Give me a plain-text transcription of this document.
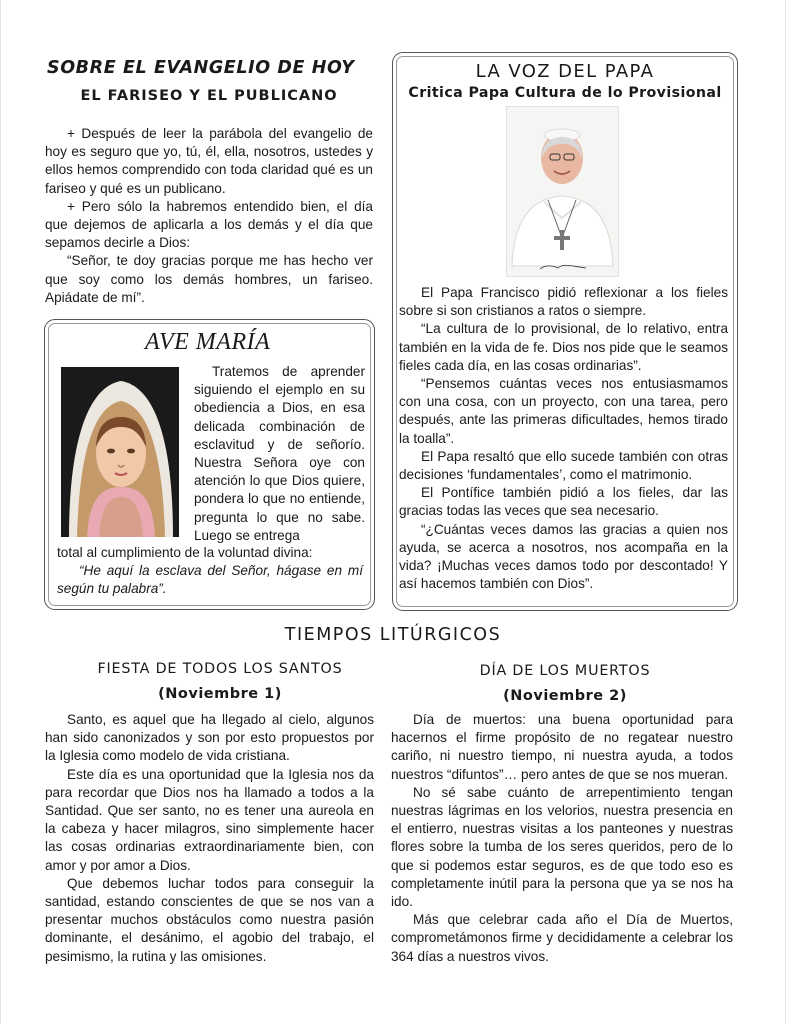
SOBRE EL EVANGELIO DE HOY
EL FARISEO Y EL PUBLICANO

+ Después de leer la parábola del evangelio de hoy es seguro que yo, tú, él, ella, nosotros, ustedes y ellos hemos comprendido con toda claridad qué es un fariseo y qué es un publicano.

+ Pero sólo la habremos entendido bien, el día que dejemos de aplicarla a los demás y el día que sepamos decirle a Dios:

“Señor, te doy gracias porque me has hecho ver que soy como los demás hombres, un fariseo. Apiádate de mí”.

AVE MARÍA

Tratemos de aprender siguiendo el ejemplo en su obediencia a Dios, en esa delicada combinación de esclavitud y de señorío. Nuestra Señora oye con atención lo que Dios quiere, pondera lo que no entiende, pregunta lo que no sabe. Luego se entrega

total al cumplimiento de la voluntad divina:

“He aquí la esclava del Señor, hágase en mí según tu palabra”.

LA VOZ DEL PAPA
Critica Papa Cultura de lo Provisional

El Papa Francisco pidió reflexionar a los fieles sobre si son cristianos a ratos o siempre.

“La cultura de lo provisional, de lo relativo, entra también en la vida de fe. Dios nos pide que le seamos fieles cada día, en las cosas ordinarias”.

“Pensemos cuántas veces nos entusiasmamos con una cosa, con un proyecto, con una tarea, pero después, ante las primeras dificultades, hemos tirado la toalla”.

El Papa resaltó que ello sucede también con otras decisiones ‘fundamentales’, como el matrimonio.

El Pontífice también pidió a los fieles, dar las gracias todas las veces que sea necesario.

“¿Cuántas veces damos las gracias a quien nos ayuda, se acerca a nosotros, nos acompaña en la vida? ¡Muchas veces damos todo por descontado! Y así hacemos también con Dios”.

TIEMPOS LITÚRGICOS
FIESTA DE TODOS LOS SANTOS
(Noviembre 1)

Santo, es aquel que ha llegado al cielo, algunos han sido canonizados y son por esto propuestos por la Iglesia como modelo de vida cristiana.

Este día es una oportunidad que la Iglesia nos da para recordar que Dios nos ha llamado a todos a la Santidad. Que ser santo, no es tener una aureola en la cabeza y hacer milagros, sino simplemente hacer las cosas ordinarias extraordinariamente bien, con amor y por amor a Dios.

Que debemos luchar todos para conseguir la santidad, estando conscientes de que se nos van a presentar muchos obstáculos como nuestra pasión dominante, el desánimo, el agobio del trabajo, el pesimismo, la rutina y las omisiones.

DÍA DE LOS MUERTOS
(Noviembre 2)

Día de muertos: una buena oportunidad para hacernos el firme propósito de no regatear nuestro cariño, ni nuestro tiempo, ni nuestra ayuda, a todos nuestros “difuntos”… pero antes de que se nos mueran.

No sé sabe cuánto de arrepentimiento tengan nuestras lágrimas en los velorios, nuestra presencia en el entierro, nuestras visitas a los panteones y nuestras flores sobre la tumba de los seres queridos, pero de lo que si podemos estar seguros, es de que todo eso es completamente inútil para la persona que ya se nos ha ido.

Más que celebrar cada año el Día de Muertos, comprometámonos firme y decididamente a celebrar los 364 días a nuestros vivos.
